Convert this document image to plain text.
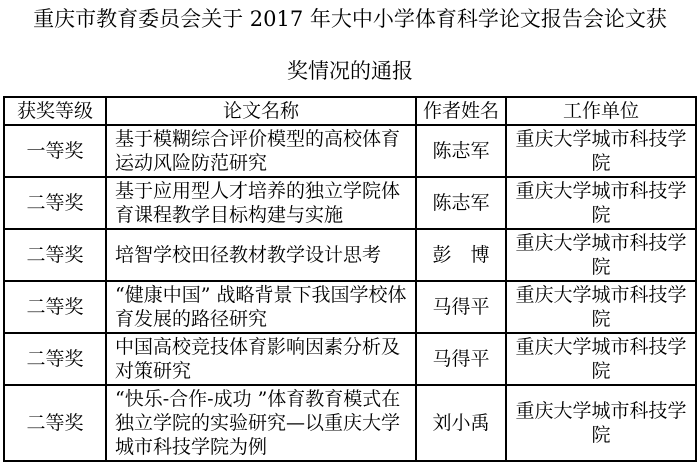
重庆市教育委员会关于 2017 年大中小学体育科学论文报告会论文获
奖情况的通报
获奖等级	论文名称	作者姓名	工作单位
一等奖	基于模糊综合评价模型的高校体育运动风险防范研究	陈志军	重庆大学城市科技学院
二等奖	基于应用型人才培养的独立学院体育课程教学目标构建与实施	陈志军	重庆大学城市科技学院
二等奖	培智学校田径教材教学设计思考	彭　博	重庆大学城市科技学院
二等奖	“健康中国” 战略背景下我国学校体育发展的路径研究	马得平	重庆大学城市科技学院
二等奖	中国高校竞技体育影响因素分析及对策研究	马得平	重庆大学城市科技学院
二等奖	“快乐-合作-成功 ”体育教育模式在独立学院的实验研究—以重庆大学城市科技学院为例	刘小禹	重庆大学城市科技学院
